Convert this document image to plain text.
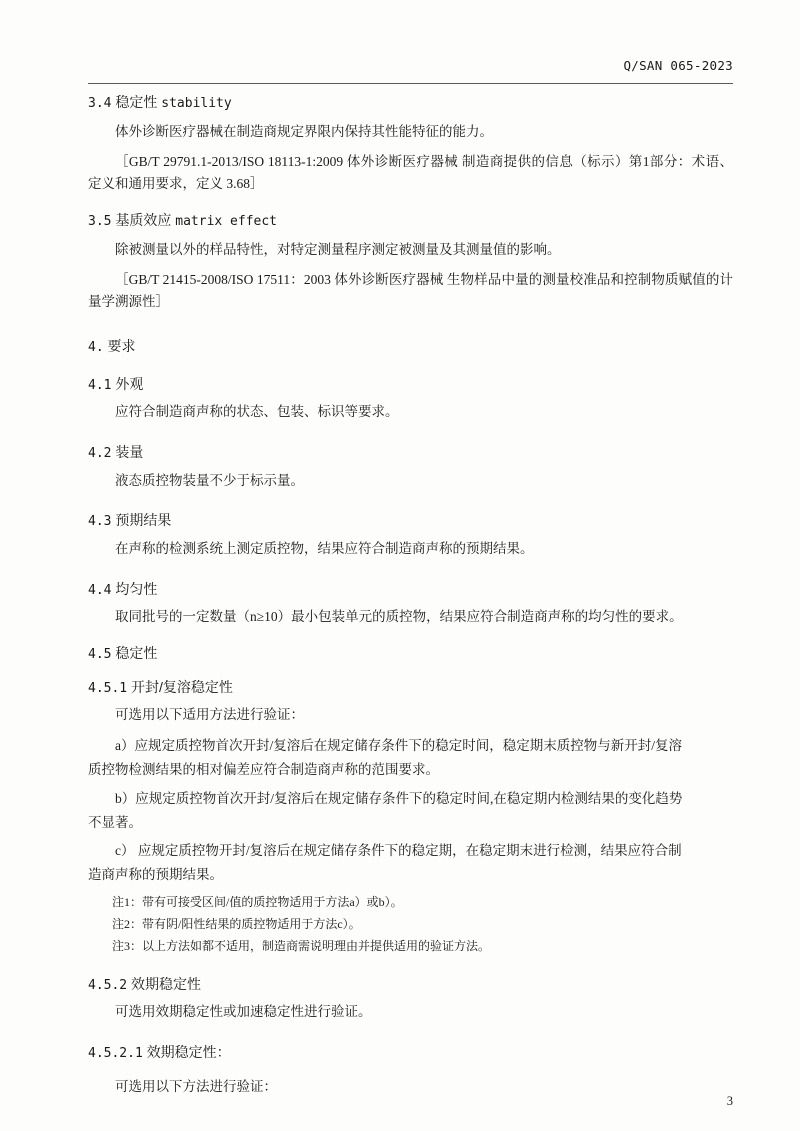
Q/SAN 065-2023
3.4 稳定性 stability

体外诊断医疗器械在制造商规定界限内保持其性能特征的能力。

［GB/T 29791.1-2013/ISO 18113-1:2009 体外诊断医疗器械 制造商提供的信息（标示）第1部分：术语、定义和通用要求，定义 3.68］

3.5 基质效应 matrix effect

除被测量以外的样品特性，对特定测量程序测定被测量及其测量值的影响。

［GB/T 21415-2008/ISO 17511：2003 体外诊断医疗器械 生物样品中量的测量校准品和控制物质赋值的计量学溯源性］

4. 要求
4.1 外观

应符合制造商声称的状态、包装、标识等要求。

4.2 装量

液态质控物装量不少于标示量。

4.3 预期结果

在声称的检测系统上测定质控物，结果应符合制造商声称的预期结果。

4.4 均匀性

取同批号的一定数量（n≥10）最小包装单元的质控物，结果应符合制造商声称的均匀性的要求。

4.5 稳定性
4.5.1 开封/复溶稳定性

可选用以下适用方法进行验证：

a）应规定质控物首次开封/复溶后在规定储存条件下的稳定时间，稳定期末质控物与新开封/复溶

质控物检测结果的相对偏差应符合制造商声称的范围要求。

b）应规定质控物首次开封/复溶后在规定储存条件下的稳定时间,在稳定期内检测结果的变化趋势

不显著。

c） 应规定质控物开封/复溶后在规定储存条件下的稳定期，在稳定期末进行检测，结果应符合制

造商声称的预期结果。

注1：带有可接受区间/值的质控物适用于方法a）或b）。

注2：带有阴/阳性结果的质控物适用于方法c）。

注3：以上方法如都不适用，制造商需说明理由并提供适用的验证方法。

4.5.2 效期稳定性

可选用效期稳定性或加速稳定性进行验证。

4.5.2.1 效期稳定性：

可选用以下方法进行验证：

3
